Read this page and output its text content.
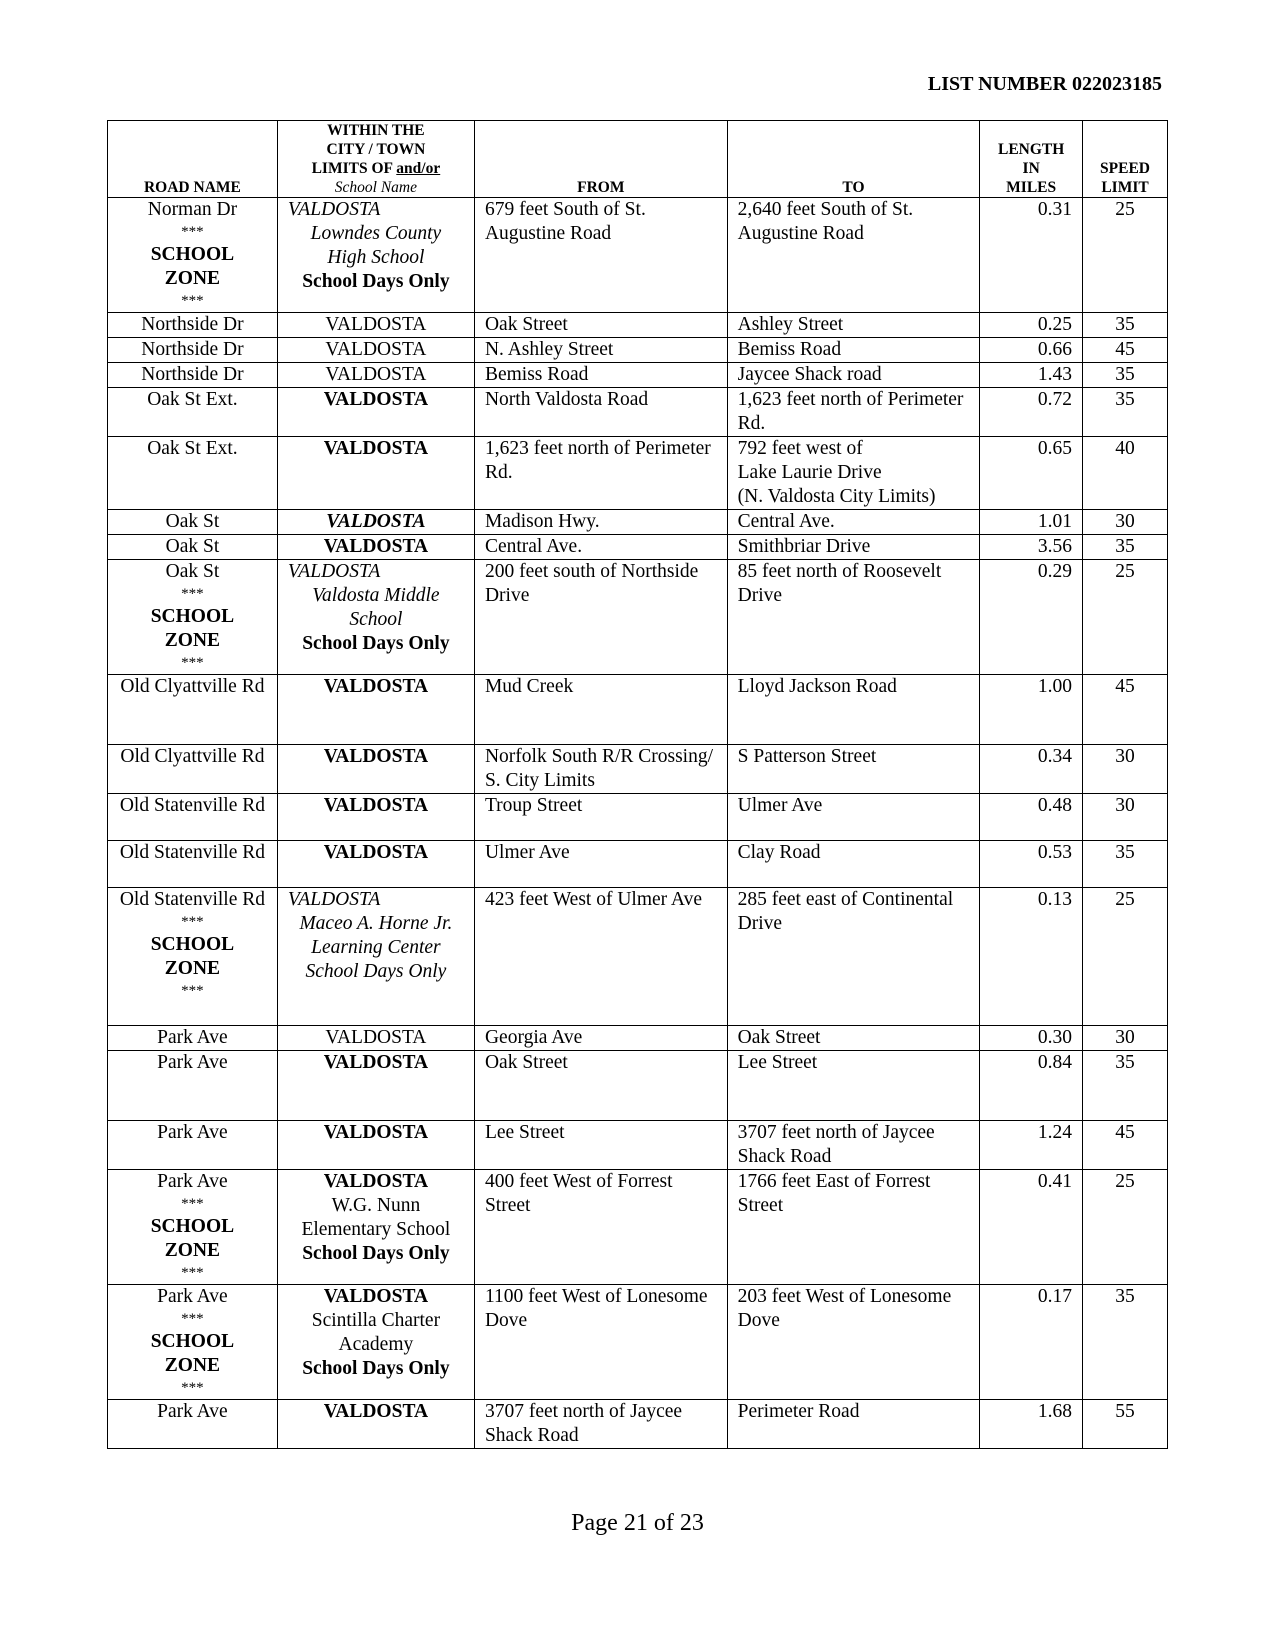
LIST NUMBER 022023185
ROAD NAME	WITHIN THE
CITY / TOWN
LIMITS OF and/or
School Name	FROM	TO	LENGTH
IN
MILES	SPEED
LIMIT

Norman Dr
***
SCHOOL
ZONE
***	VALDOSTA
Lowndes County
High School
School Days Only	679 feet South of St. Augustine Road	2,640 feet South of St. Augustine Road	0.31	25
Northside Dr	VALDOSTA	Oak Street	Ashley Street	0.25	35
Northside Dr	VALDOSTA	N. Ashley Street	Bemiss Road	0.66	45
Northside Dr	VALDOSTA	Bemiss Road	Jaycee Shack road	1.43	35
Oak St Ext.	VALDOSTA	North Valdosta Road	1,623 feet north of Perimeter Rd.	0.72	35
Oak St Ext.	VALDOSTA	1,623 feet north of Perimeter Rd.	792 feet west of
Lake Laurie Drive
(N. Valdosta City Limits)	0.65	40
Oak St	VALDOSTA	Madison Hwy.	Central Ave.	1.01	30
Oak St	VALDOSTA	Central Ave.	Smithbriar Drive	3.56	35

Oak St
***
SCHOOL
ZONE
***	VALDOSTA
Valdosta Middle
School
School Days Only	200 feet south of Northside Drive	85 feet north of Roosevelt Drive	0.29	25
Old Clyattville Rd	VALDOSTA	Mud Creek	Lloyd Jackson Road	1.00	45
Old Clyattville Rd	VALDOSTA	Norfolk South R/R Crossing/ S. City Limits	S Patterson Street	0.34	30
Old Statenville Rd	VALDOSTA	Troup Street	Ulmer Ave	0.48	30
Old Statenville Rd	VALDOSTA	Ulmer Ave	Clay Road	0.53	35

Old Statenville Rd
***
SCHOOL
ZONE
***	VALDOSTA
Maceo A. Horne Jr.
Learning Center
School Days Only	423 feet West of Ulmer Ave	285 feet east of Continental Drive	0.13	25
Park Ave	VALDOSTA	Georgia Ave	Oak Street	0.30	30
Park Ave	VALDOSTA	Oak Street	Lee Street	0.84	35
Park Ave	VALDOSTA	Lee Street	3707 feet north of Jaycee Shack Road	1.24	45

Park Ave
***
SCHOOL
ZONE
***	VALDOSTA
W.G. Nunn
Elementary School
School Days Only	400 feet West of Forrest Street	1766 feet East of Forrest Street	0.41	25

Park Ave
***
SCHOOL
ZONE
***	VALDOSTA
Scintilla Charter
Academy
School Days Only	1100 feet West of Lonesome Dove	203 feet West of Lonesome Dove	0.17	35
Park Ave	VALDOSTA	3707 feet north of Jaycee Shack Road	Perimeter Road	1.68	55
Page 21 of 23
